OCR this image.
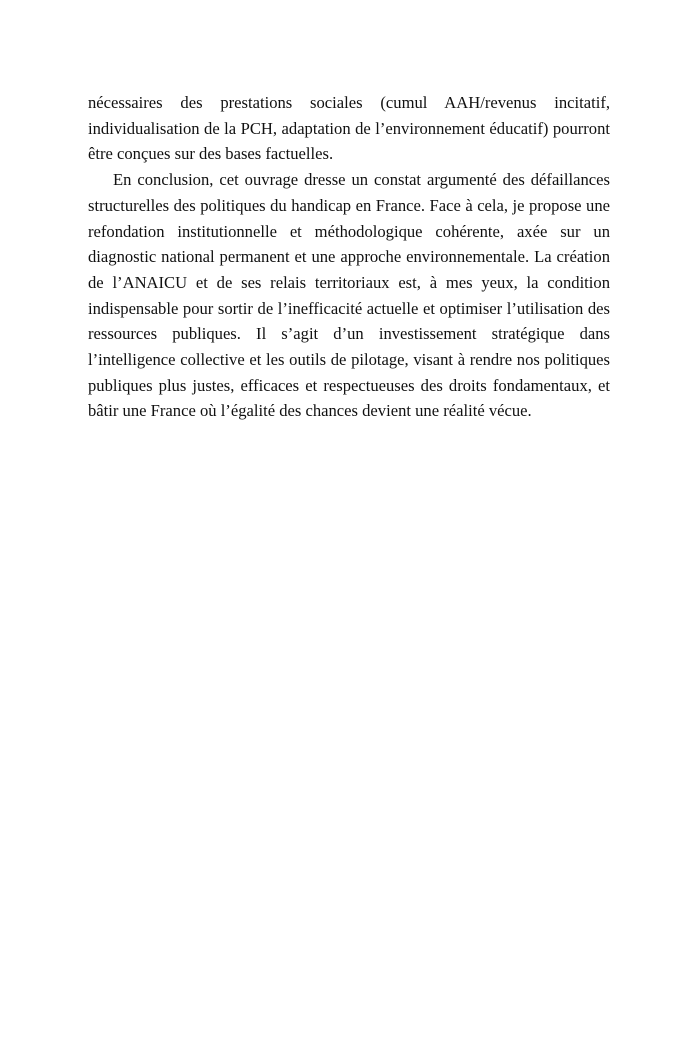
nécessaires des prestations sociales (cumul AAH/revenus incitatif, individualisation de la PCH, adaptation de l’environnement éducatif) pourront être conçues sur des bases factuelles.

En conclusion, cet ouvrage dresse un constat argumenté des défaillances structurelles des politiques du handicap en France. Face à cela, je propose une refondation institutionnelle et méthodologique cohérente, axée sur un diagnostic national permanent et une approche environnementale. La création de l’ANAICU et de ses relais territoriaux est, à mes yeux, la condition indispensable pour sortir de l’inefficacité actuelle et optimiser l’utilisation des ressources publiques. Il s’agit d’un investissement stratégique dans l’intelligence collective et les outils de pilotage, visant à rendre nos politiques publiques plus justes, efficaces et respectueuses des droits fondamentaux, et bâtir une France où l’égalité des chances devient une réalité vécue.
